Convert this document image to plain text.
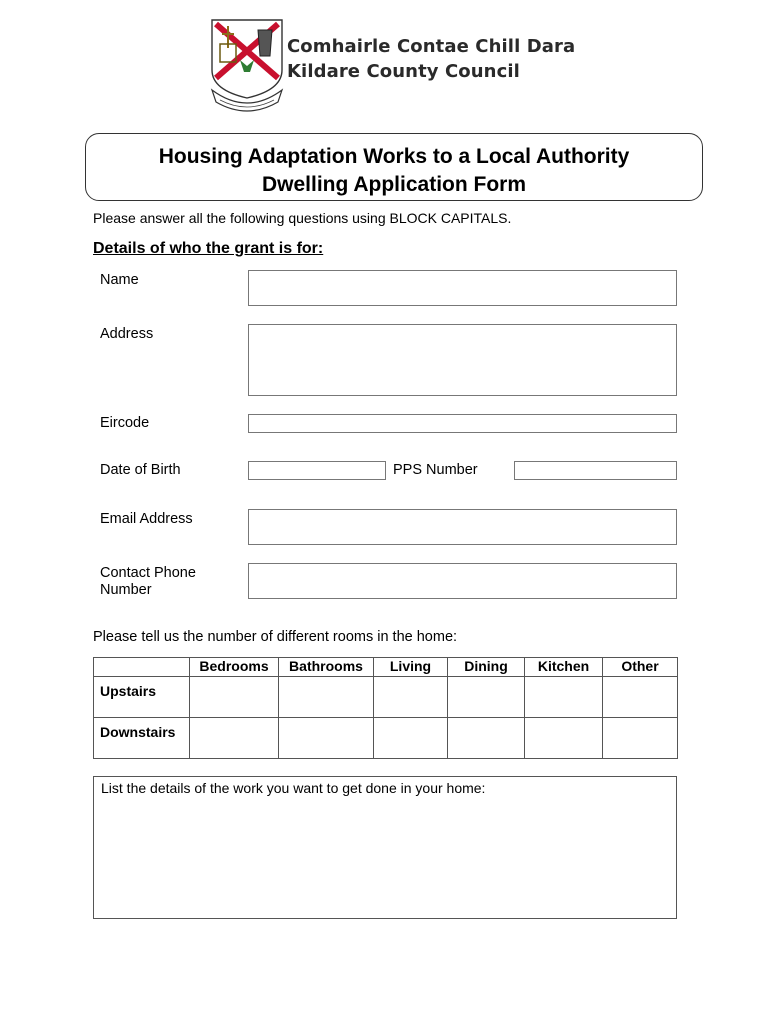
Comhairle Contae Chill Dara
Kildare County Council
Housing Adaptation Works to a Local Authority
Dwelling Application Form
Please answer all the following questions using BLOCK CAPITALS.
Details of who the grant is for:
Name
Address
Eircode
Date of Birth	PPS Number
Email Address
Contact Phone
Number
Please tell us the number of different rooms in the home:
	Bedrooms	Bathrooms	Living	Dining	Kitchen	Other
Upstairs						
Downstairs						
List the details of the work you want to get done in your home:
